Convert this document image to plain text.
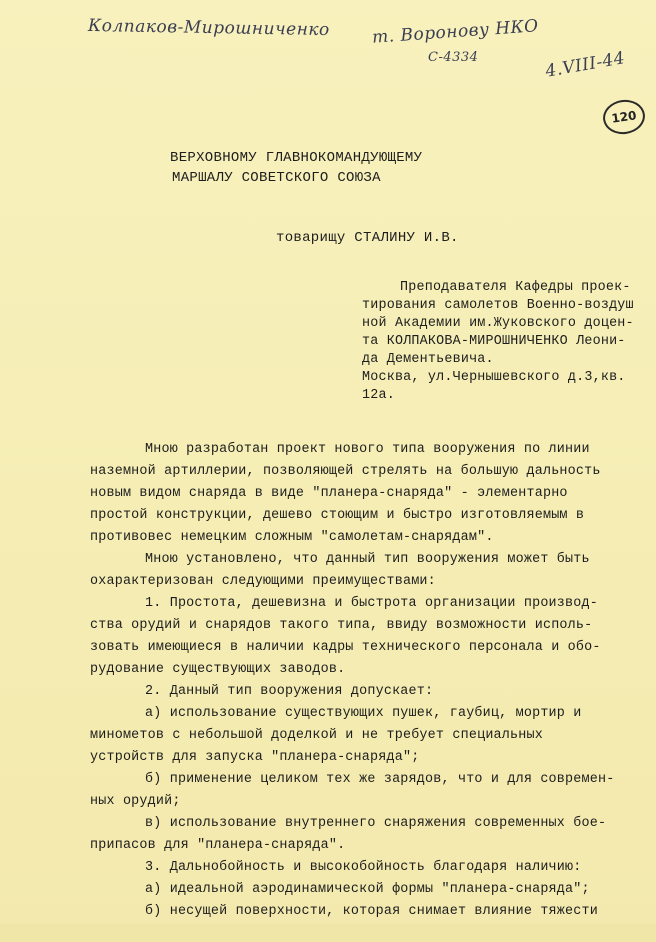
Колпаков-Мирошниченко т. Воронову НКО
С-4334	4.VIII-44
120
ВЕРХОВНОМУ ГЛАВНОКОМАНДУЮЩЕМУ
МАРШАЛУ СОВЕТСКОГО СОЮЗА
товарищу СТАЛИНУ И.В.
Преподавателя Кафедры проек-
тирования самолетов Военно-воздуш
ной Академии им.Жуковского доцен-
та КОЛПАКОВА-МИРОШНИЧЕНКО Леони-
да Дементьевича.
Москва, ул.Чернышевского д.3,кв.
12а.
Мною разработан проект нового типа вооружения по линии
наземной артиллерии, позволяющей стрелять на большую дальность
новым видом снаряда в виде "планера-снаряда" - элементарно
простой конструкции, дешево стоющим и быстро изготовляемым в
противовес немецким сложным "самолетам-снарядам".
Мною установлено, что данный тип вооружения может быть
охарактеризован следующими преимуществами:
1. Простота, дешевизна и быстрота организации производ-
ства орудий и снарядов такого типа, ввиду возможности исполь-
зовать имеющиеся в наличии кадры технического персонала и обо-
рудование существующих заводов.
2. Данный тип вооружения допускает:
а) использование существующих пушек, гаубиц, мортир и
минометов с небольшой доделкой и не требует специальных
устройств для запуска "планера-снаряда";
б) применение целиком тех же зарядов, что и для современ-
ных орудий;
в) использование внутреннего снаряжения современных бое-
припасов для "планера-снаряда".
3. Дальнобойность и высокобойность благодаря наличию:
а) идеальной аэродинамической формы "планера-снаряда";
б) несущей поверхности, которая снимает влияние тяжести
